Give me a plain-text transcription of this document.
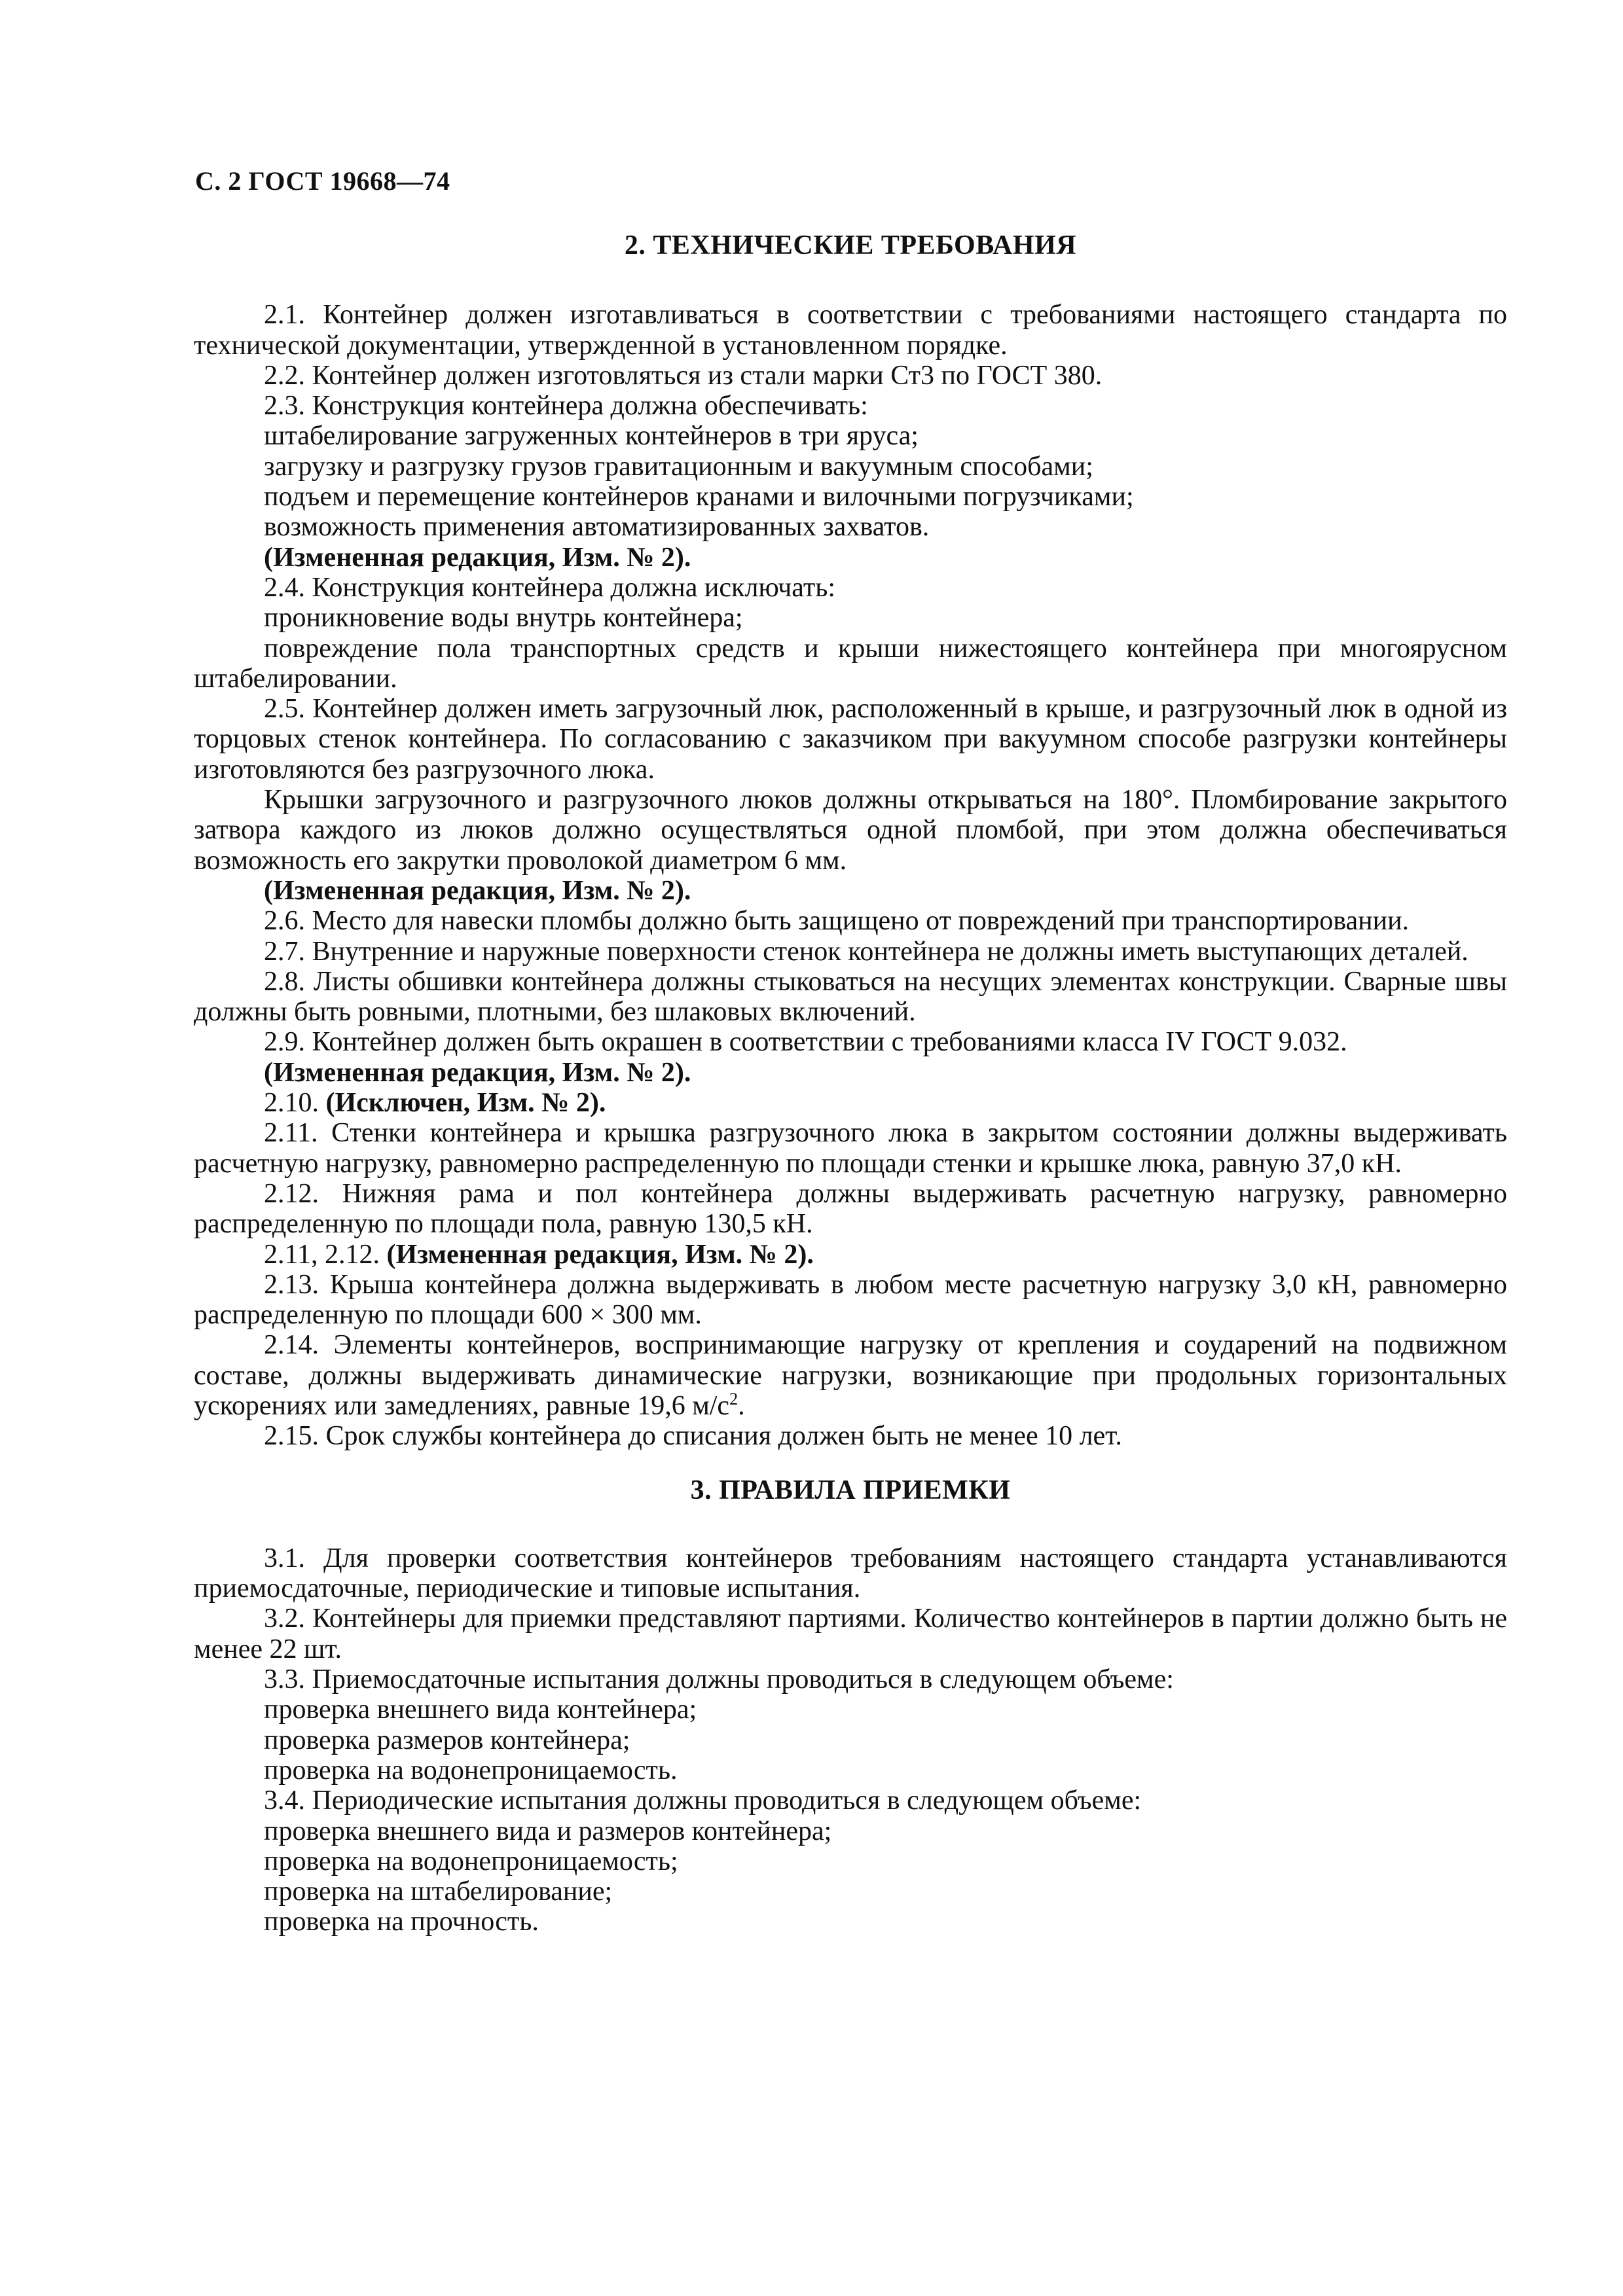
С. 2 ГОСТ 19668—74
2. ТЕХНИЧЕСКИЕ ТРЕБОВАНИЯ

2.1. Контейнер должен изготавливаться в соответствии с требованиями настоящего стандарта по технической документации, утвержденной в установленном порядке.

2.2. Контейнер должен изготовляться из стали марки Ст3 по ГОСТ 380.

2.3. Конструкция контейнера должна обеспечивать:

штабелирование загруженных контейнеров в три яруса;

загрузку и разгрузку грузов гравитационным и вакуумным способами;

подъем и перемещение контейнеров кранами и вилочными погрузчиками;

возможность применения автоматизированных захватов.

(Измененная редакция, Изм. № 2).

2.4. Конструкция контейнера должна исключать:

проникновение воды внутрь контейнера;

повреждение пола транспортных средств и крыши нижестоящего контейнера при многоярусном штабелировании.

2.5. Контейнер должен иметь загрузочный люк, расположенный в крыше, и разгрузочный люк в одной из торцовых стенок контейнера. По согласованию с заказчиком при вакуумном способе разгрузки контейнеры изготовляются без разгрузочного люка.

Крышки загрузочного и разгрузочного люков должны открываться на 180°. Пломбирование закрытого затвора каждого из люков должно осуществляться одной пломбой, при этом должна обеспечиваться возможность его закрутки проволокой диаметром 6 мм.

(Измененная редакция, Изм. № 2).

2.6. Место для навески пломбы должно быть защищено от повреждений при транспортировании.

2.7. Внутренние и наружные поверхности стенок контейнера не должны иметь выступающих деталей.

2.8. Листы обшивки контейнера должны стыковаться на несущих элементах конструкции. Сварные швы должны быть ровными, плотными, без шлаковых включений.

2.9. Контейнер должен быть окрашен в соответствии с требованиями класса IV ГОСТ 9.032.

(Измененная редакция, Изм. № 2).

2.10. (Исключен, Изм. № 2).

2.11. Стенки контейнера и крышка разгрузочного люка в закрытом состоянии должны выдерживать расчетную нагрузку, равномерно распределенную по площади стенки и крышке люка, равную 37,0 кН.

2.12. Нижняя рама и пол контейнера должны выдерживать расчетную нагрузку, равномерно распределенную по площади пола, равную 130,5 кН.

2.11, 2.12. (Измененная редакция, Изм. № 2).

2.13. Крыша контейнера должна выдерживать в любом месте расчетную нагрузку 3,0 кН, равномерно распределенную по площади 600 × 300 мм.

2.14. Элементы контейнеров, воспринимающие нагрузку от крепления и соударений на подвижном составе, должны выдерживать динамические нагрузки, возникающие при продольных горизонтальных ускорениях или замедлениях, равные 19,6 $м/с^2$.

2.15. Срок службы контейнера до списания должен быть не менее 10 лет.

3. ПРАВИЛА ПРИЕМКИ

3.1. Для проверки соответствия контейнеров требованиям настоящего стандарта устанавливаются приемосдаточные, периодические и типовые испытания.

3.2. Контейнеры для приемки представляют партиями. Количество контейнеров в партии должно быть не менее 22 шт.

3.3. Приемосдаточные испытания должны проводиться в следующем объеме:

проверка внешнего вида контейнера;

проверка размеров контейнера;

проверка на водонепроницаемость.

3.4. Периодические испытания должны проводиться в следующем объеме:

проверка внешнего вида и размеров контейнера;

проверка на водонепроницаемость;

проверка на штабелирование;

проверка на прочность.
